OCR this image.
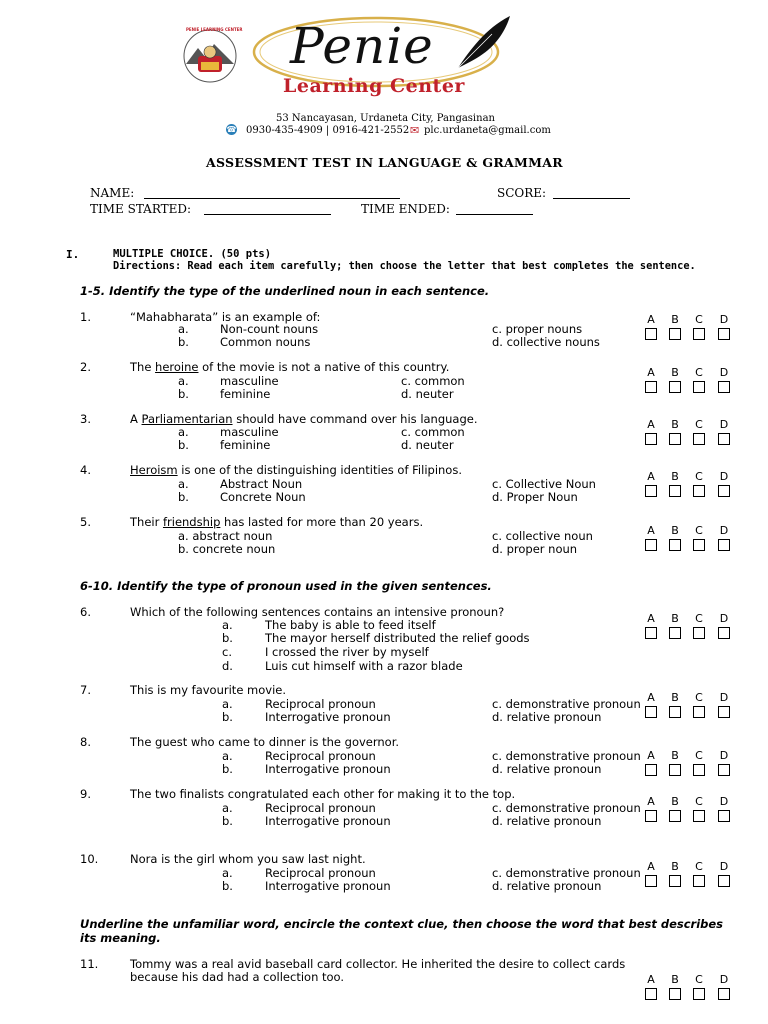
PENIE LEARNING CENTER Penie
Learning Center
53 Nancayasan, Urdaneta City, Pangasinan
☎ 0930-435-4909 | 0916-421-2552 ✉ plc.urdaneta@gmail.com
ASSESSMENT TEST IN LANGUAGE & GRAMMAR
NAME:	SCORE:
TIME STARTED:	TIME ENDED:
I.	MULTIPLE CHOICE. (50 pts)
Directions: Read each item carefully; then choose the letter that best completes the sentence.
1-5. Identify the type of the underlined noun in each sentence.
1.	“Mahabharata” is an example of:
a.	Non-count nouns
b.	Common nouns
c. proper nouns
d. collective nouns
2.	The heroine of the movie is not a native of this country.
a.	masculine
b.	feminine
c. common
d. neuter
3.	A Parliamentarian should have command over his language.
a.	masculine
b.	feminine
c. common
d. neuter
4.	Heroism is one of the distinguishing identities of Filipinos.
a.	Abstract Noun
b.	Concrete Noun
c. Collective Noun
d. Proper Noun
5.	Their friendship has lasted for more than 20 years.
a. abstract noun
b. concrete noun
c. collective noun
d. proper noun
6-10. Identify the type of pronoun used in the given sentences.
6.	Which of the following sentences contains an intensive pronoun?
a.	The baby is able to feed itself
b.	The mayor herself distributed the relief goods
c.	I crossed the river by myself
d.	Luis cut himself with a razor blade
7.	This is my favourite movie.
a.	Reciprocal pronoun
b.	Interrogative pronoun
c. demonstrative pronoun
d. relative pronoun
8.	The guest who came to dinner is the governor.
a.	Reciprocal pronoun
b.	Interrogative pronoun
c. demonstrative pronoun
d. relative pronoun
9.	The two finalists congratulated each other for making it to the top.
a.	Reciprocal pronoun
b.	Interrogative pronoun
c. demonstrative pronoun
d. relative pronoun
10.	Nora is the girl whom you saw last night.
a.	Reciprocal pronoun
b.	Interrogative pronoun
c. demonstrative pronoun
d. relative pronoun
Underline the unfamiliar word, encircle the context clue, then choose the word that best describes its meaning.
11.	Tommy was a real avid baseball card collector. He inherited the desire to collect cards
because his dad had a collection too.
A B C D
A B C D
A B C D
A B C D
A B C D
A B C D
A B C D
A B C D
A B C D
A B C D
A B C D
